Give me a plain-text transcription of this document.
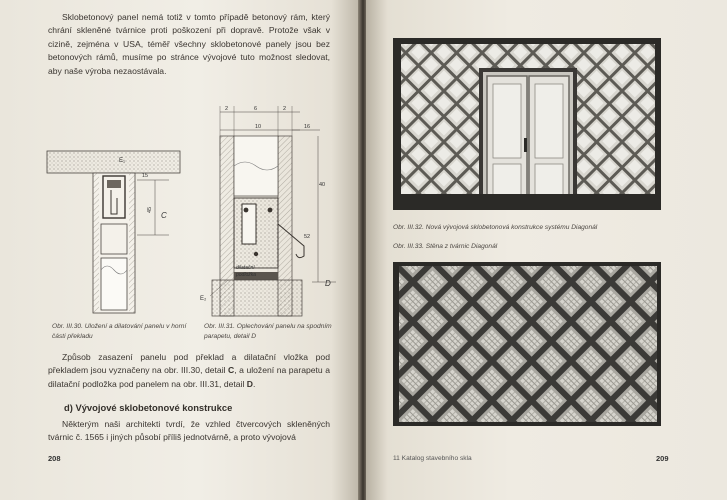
Sklobetonový panel nemá totiž v tomto případě betonový rám, který chrání skleněné tvárnice proti poškození při dopravě. Protože však v cizině, zejména v USA, téměř všechny sklobetonové panely jsou bez betonových rámů, musíme po stránce vývojové tuto možnost sledovat, aby naše výroba nezaostávala.
E₁
15
45
C
2	6	2
10	16
40
52
D
E₂
dilatační
podložka
Obr. III.30. Uložení a dilatování panelu v horní části překladu
Obr. III.31. Oplechování panelu na spodním parapetu, detail D
Způsob zasazení panelu pod překlad a dilatační vložka pod překladem jsou vyznačeny na obr. III.30, detail C, a uložení na parapetu a dilatační podložka pod panelem na obr. III.31, detail D.
d) Vývojové sklobetonové konstrukce
Některým naši architekti tvrdí, že vzhled čtvercových skleněných tvárnic č. 1565 i jiných působí příliš jednotvárně, a proto vývojová
208
Obr. III.32. Nová vývojová sklobetonová konstrukce systému Diagonál
Obr. III.33. Stěna z tvárnic Diagonál
11 Katalog stavebního skla	209
